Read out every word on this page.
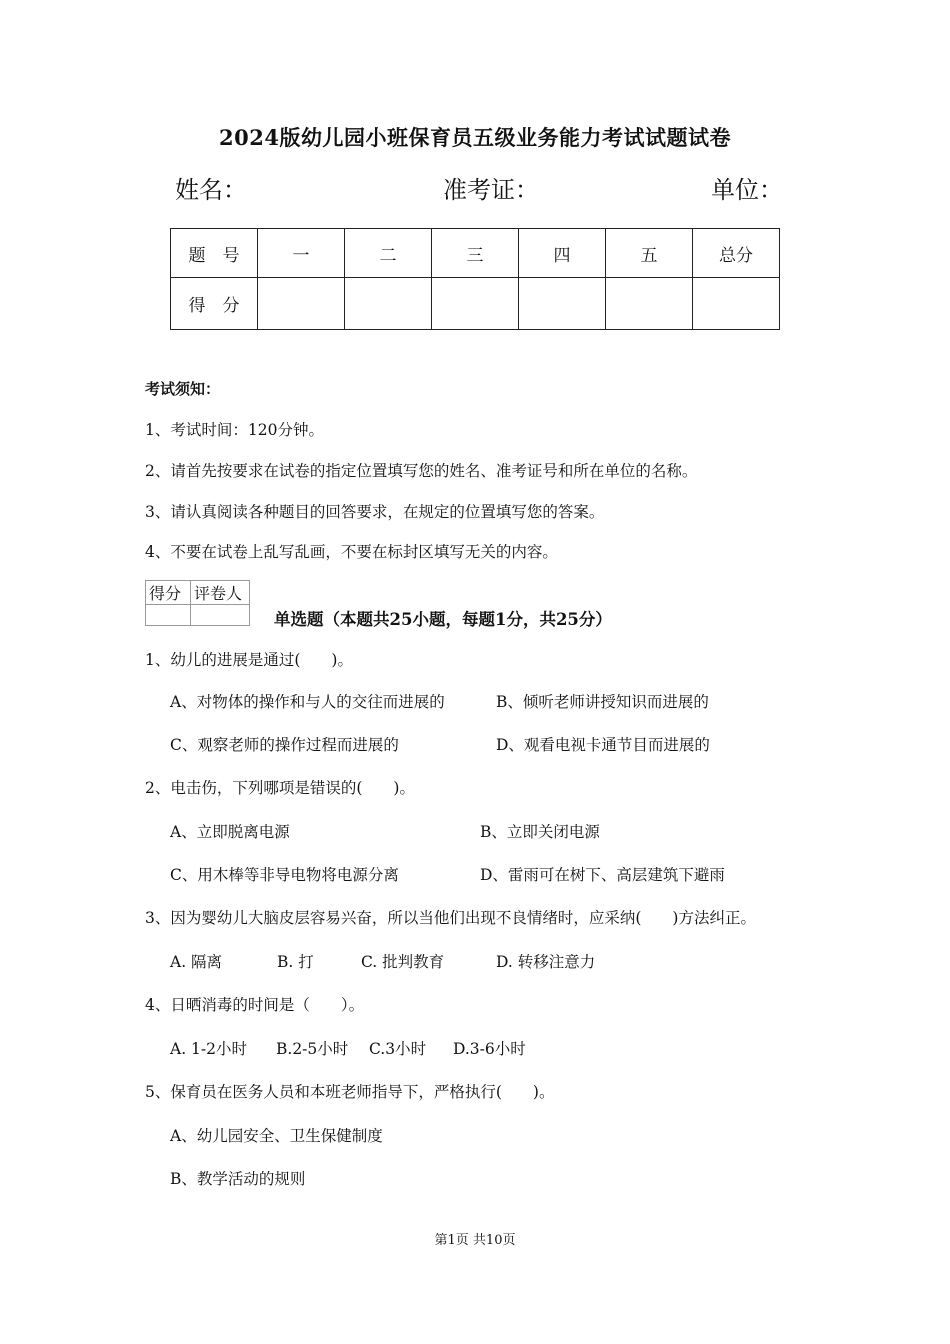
2024版幼儿园小班保育员五级业务能力考试试题试卷
姓名：	准考证：	单位：
题　号	一	二	三	四	五	总分
得　分						
考试须知：
1、考试时间：120分钟。
2、请首先按要求在试卷的指定位置填写您的姓名、准考证号和所在单位的名称。
3、请认真阅读各种题目的回答要求，在规定的位置填写您的答案。
4、不要在试卷上乱写乱画，不要在标封区填写无关的内容。
得分	评卷人

单选题（本题共25小题，每题1分，共25分）
1、幼儿的进展是通过(　　)。
A、对物体的操作和与人的交往而进展的	B、倾听老师讲授知识而进展的
C、观察老师的操作过程而进展的	D、观看电视卡通节目而进展的
2、电击伤，下列哪项是错误的(　　)。
A、立即脱离电源	B、立即关闭电源
C、用木棒等非导电物将电源分离	D、雷雨可在树下、高层建筑下避雨
3、因为婴幼儿大脑皮层容易兴奋，所以当他们出现不良情绪时，应采纳(　　)方法纠正。
A. 隔离	B. 打	C. 批判教育	D. 转移注意力
4、日晒消毒的时间是（　　）。
A. 1-2小时 B.2-5小时 C.3小时 D.3-6小时
5、保育员在医务人员和本班老师指导下，严格执行(　　)。
A、幼儿园安全、卫生保健制度
B、教学活动的规则
第1页 共10页
